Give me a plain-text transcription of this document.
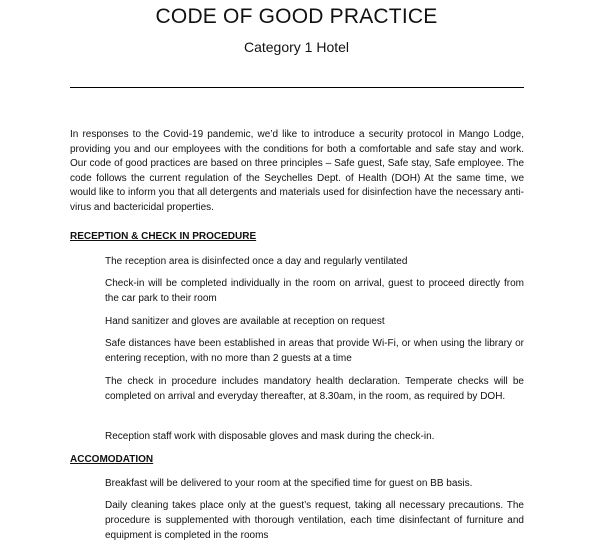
CODE OF GOOD PRACTICE
Category 1 Hotel
In responses to the Covid-19 pandemic, we’d like to introduce a security protocol in Mango Lodge, providing you and our employees with the conditions for both a comfortable and safe stay and work. Our code of good practices are based on three principles – Safe guest, Safe stay, Safe employee. The code follows the current regulation of the Seychelles Dept. of Health (DOH) At the same time, we would like to inform you that all detergents and materials used for disinfection have the necessary anti-virus and bactericidal properties.
RECEPTION & CHECK IN PROCEDURE
The reception area is disinfected once a day and regularly ventilated
Check-in will be completed individually in the room on arrival, guest to proceed directly from the car park to their room
Hand sanitizer and gloves are available at reception on request
Safe distances have been established in areas that provide Wi-Fi, or when using the library or entering reception, with no more than 2 guests at a time
The check in procedure includes mandatory health declaration. Temperate checks will be completed on arrival and everyday thereafter, at 8.30am, in the room, as required by DOH.
Reception staff work with disposable gloves and mask during the check-in.
ACCOMODATION
Breakfast will be delivered to your room at the specified time for guest on BB basis.
Daily cleaning takes place only at the guest’s request, taking all necessary precautions. The procedure is supplemented with thorough ventilation, each time disinfectant of furniture and equipment is completed in the rooms
